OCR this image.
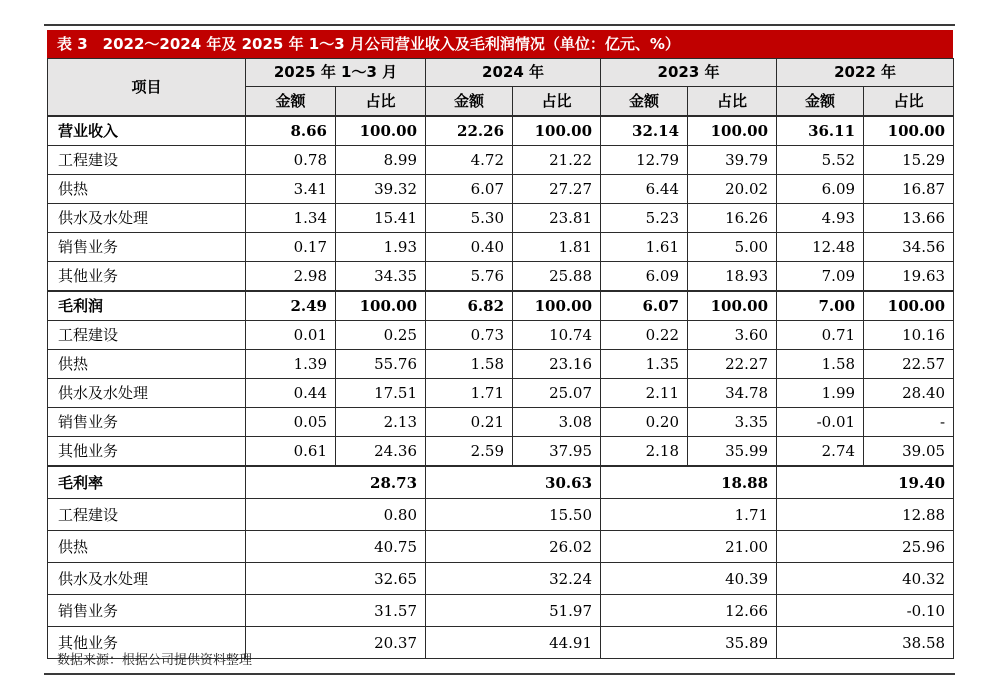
表 3　2022～2024 年及 2025 年 1～3 月公司营业收入及毛利润情况（单位：亿元、%）
项目	2025 年 1～3 月		2024 年		2023 年		2022 年	
	金额	占比	金额	占比	金额	占比	金额	占比
营业收入	8.66	100.00	22.26	100.00	32.14	100.00	36.11	100.00
工程建设	0.78	8.99	4.72	21.22	12.79	39.79	5.52	15.29
供热	3.41	39.32	6.07	27.27	6.44	20.02	6.09	16.87
供水及水处理	1.34	15.41	5.30	23.81	5.23	16.26	4.93	13.66
销售业务	0.17	1.93	0.40	1.81	1.61	5.00	12.48	34.56
其他业务	2.98	34.35	5.76	25.88	6.09	18.93	7.09	19.63
毛利润	2.49	100.00	6.82	100.00	6.07	100.00	7.00	100.00
工程建设	0.01	0.25	0.73	10.74	0.22	3.60	0.71	10.16
供热	1.39	55.76	1.58	23.16	1.35	22.27	1.58	22.57
供水及水处理	0.44	17.51	1.71	25.07	2.11	34.78	1.99	28.40
销售业务	0.05	2.13	0.21	3.08	0.20	3.35	-0.01	-
其他业务	0.61	24.36	2.59	37.95	2.18	35.99	2.74	39.05
毛利率	28.73		30.63		18.88		19.40	
工程建设	0.80		15.50		1.71		12.88	
供热	40.75		26.02		21.00		25.96	
供水及水处理	32.65		32.24		40.39		40.32	
销售业务	31.57		51.97		12.66		-0.10	
其他业务	20.37		44.91		35.89		38.58	
数据来源：根据公司提供资料整理
